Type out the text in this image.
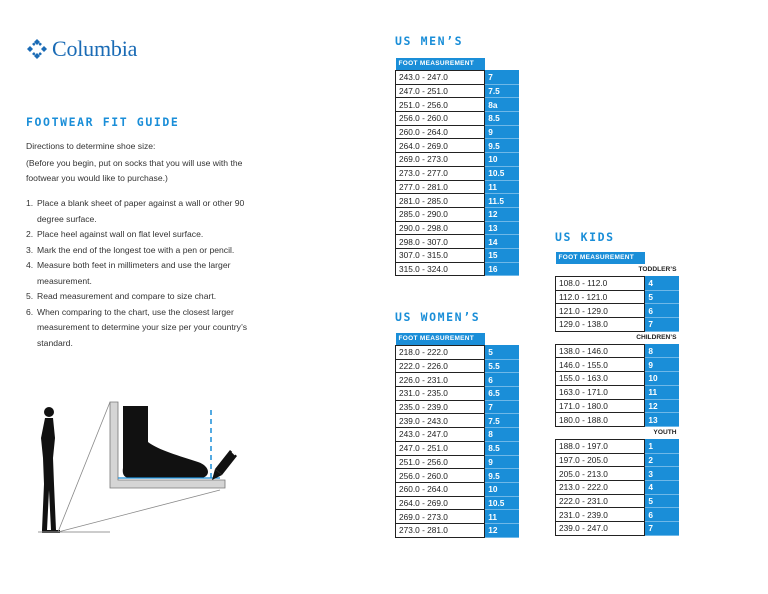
Columbia
FOOTWEAR FIT GUIDE

Directions to determine shoe size:

(Before you begin, put on socks that you will use with the footwear you would like to purchase.)

1. Place a blank sheet of paper against a wall or other 90 degree surface.
2. Place heel against wall on flat level surface.
3. Mark the end of the longest toe with a pen or pencil.
4. Measure both feet in millimeters and use the larger measurement.
5. Read measurement and compare to size chart.
6. When comparing to the chart, use the closest larger measurement to determine your size per your country’s standard.
US MEN’S
US WOMEN’S
US KIDS
FOOT MEASUREMENT	
243.0 - 247.0	7
247.0 - 251.0	7.5
251.0 - 256.0	8a
256.0 - 260.0	8.5
260.0 - 264.0	9
264.0 - 269.0	9.5
269.0 - 273.0	10
273.0 - 277.0	10.5
277.0 - 281.0	11
281.0 - 285.0	11.5
285.0 - 290.0	12
290.0 - 298.0	13
298.0 - 307.0	14
307.0 - 315.0	15
315.0 - 324.0	16
FOOT MEASUREMENT	
218.0 - 222.0	5
222.0 - 226.0	5.5
226.0 - 231.0	6
231.0 - 235.0	6.5
235.0 - 239.0	7
239.0 - 243.0	7.5
243.0 - 247.0	8
247.0 - 251.0	8.5
251.0 - 256.0	9
256.0 - 260.0	9.5
260.0 - 264.0	10
264.0 - 269.0	10.5
269.0 - 273.0	11
273.0 - 281.0	12
FOOT MEASUREMENT	
TODDLER’S	
108.0 - 112.0	4
112.0 - 121.0	5
121.0 - 129.0	6
129.0 - 138.0	7
CHILDREN’S	
138.0 - 146.0	8
146.0 - 155.0	9
155.0 - 163.0	10
163.0 - 171.0	11
171.0 - 180.0	12
180.0 - 188.0	13
YOUTH	
188.0 - 197.0	1
197.0 - 205.0	2
205.0 - 213.0	3
213.0 - 222.0	4
222.0 - 231.0	5
231.0 - 239.0	6
239.0 - 247.0	7
